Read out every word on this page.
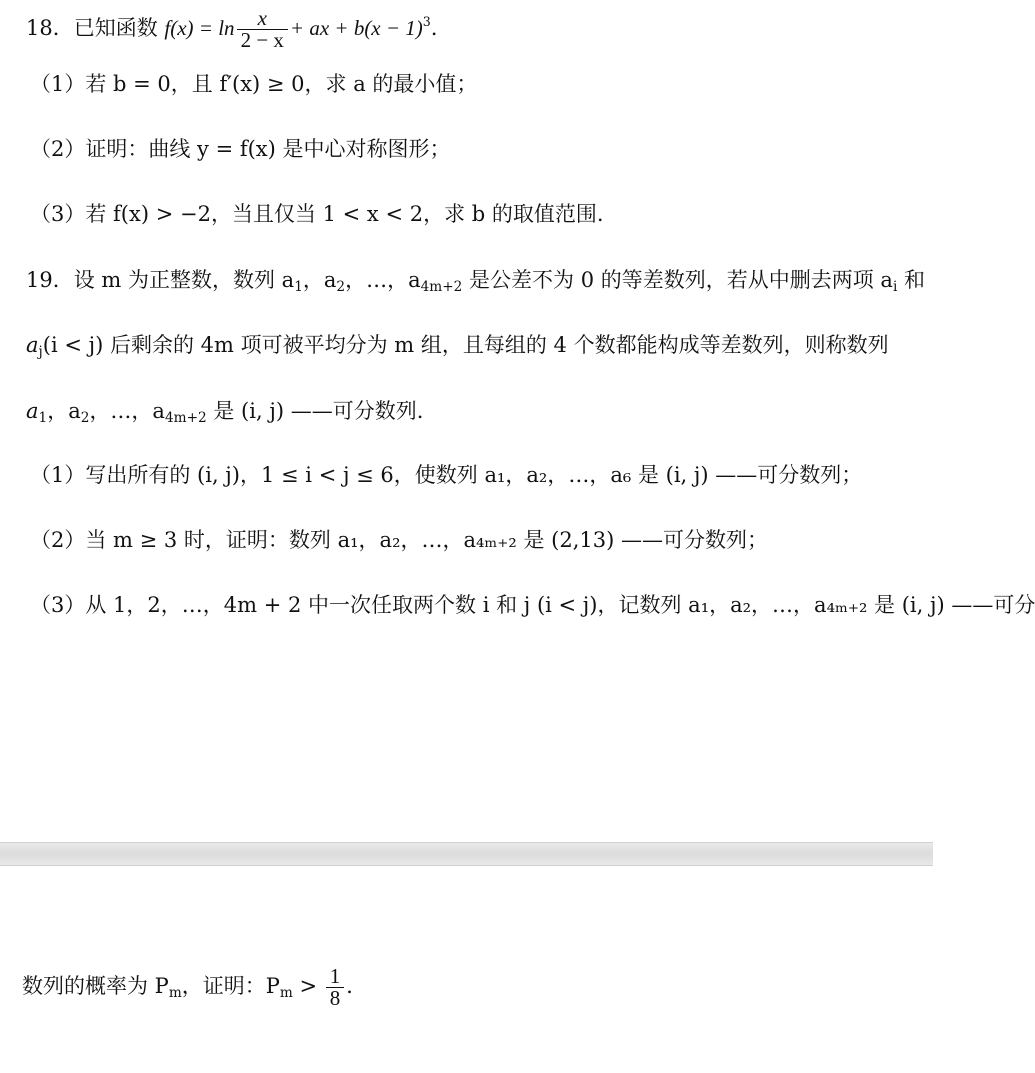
18．已知函数 $f(x) = \ln \frac{x}{2 - x}$ + ax + $b(x - 1)^3$．
（1）若 b = 0，且 f′(x) ≥ 0，求 a 的最小值；
（2）证明：曲线 y = f(x) 是中心对称图形；
（3）若 f(x) > −2，当且仅当 1 < x < 2，求 b 的取值范围.
19．设 m 为正整数，数列 $a_1$，$a_2$，…，$a_{4m+2}$ 是公差不为 0 的等差数列，若从中删去两项 $a_i$ 和
$a_j(i < j)$ 后剩余的 4m 项可被平均分为 m 组，且每组的 4 个数都能构成等差数列，则称数列
$a_1$，$a_2$，…，$a_{4m+2}$ 是 (i, j) ——可分数列.
（1）写出所有的 (i, j)，1 ≤ i < j ≤ 6，使数列 a₁，a₂，…，a₆ 是 (i, j) ——可分数列；
（2）当 m ≥ 3 时，证明：数列 a₁，a₂，…，a₄ₘ₊₂ 是 (2,13) ——可分数列；
（3）从 1，2，…，4m + 2 中一次任取两个数 i 和 j (i < j)，记数列 a₁，a₂，…，a₄ₘ₊₂ 是 (i, j) ——可分
数列的概率为 $P_m$，证明：$P_m > \frac{1}{8}$ ．
